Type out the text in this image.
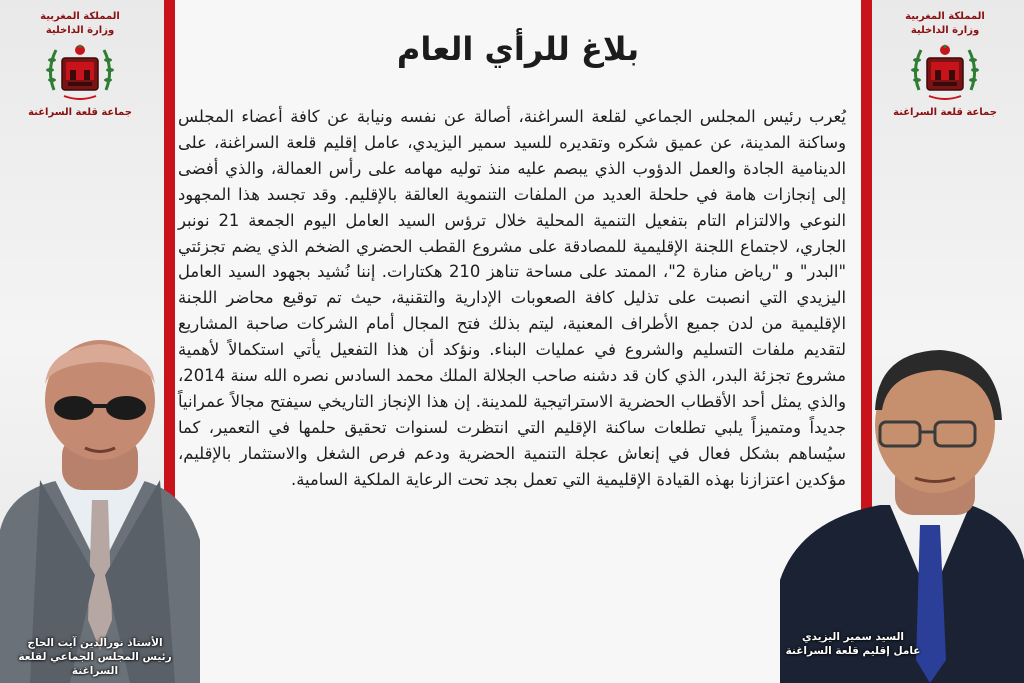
المملكة المغربية
وزارة الداخلية
جماعة قلعة السراغنة
المملكة المغربية
وزارة الداخلية
جماعة قلعة السراغنة
بلاغ للرأي العام
يُعرب رئيس المجلس الجماعي لقلعة السراغنة، أصالة عن نفسه ونيابة عن كافة أعضاء المجلس وساكنة المدينة، عن عميق شكره وتقديره للسيد سمير اليزيدي، عامل إقليم قلعة السراغنة، على الدينامية الجادة والعمل الدؤوب الذي يبصم عليه منذ توليه مهامه على رأس العمالة، والذي أفضى إلى إنجازات هامة في حلحلة العديد من الملفات التنموية العالقة بالإقليم. وقد تجسد هذا المجهود النوعي والالتزام التام بتفعيل التنمية المحلية خلال ترؤس السيد العامل اليوم الجمعة 21 نونبر الجاري، لاجتماع اللجنة الإقليمية للمصادقة على مشروع القطب الحضري الضخم الذي يضم تجزئتي "البدر" و "رياض منارة 2"، الممتد على مساحة تناهز 210 هكتارات. إننا نُشيد بجهود السيد العامل اليزيدي التي انصبت على تذليل كافة الصعوبات الإدارية والتقنية، حيث تم توقيع محاضر اللجنة الإقليمية من لدن جميع الأطراف المعنية، ليتم بذلك فتح المجال أمام الشركات صاحبة المشاريع لتقديم ملفات التسليم والشروع في عمليات البناء. ونؤكد أن هذا التفعيل يأتي استكمالاً لأهمية مشروع تجزئة البدر، الذي كان قد دشنه صاحب الجلالة الملك محمد السادس نصره الله سنة 2014، والذي يمثل أحد الأقطاب الحضرية الاستراتيجية للمدينة. إن هذا الإنجاز التاريخي سيفتح مجالاً عمرانياً جديداً ومتميزاً يلبي تطلعات ساكنة الإقليم التي انتظرت لسنوات تحقيق حلمها في التعمير، كما سيُساهم بشكل فعال في إنعاش عجلة التنمية الحضرية ودعم فرص الشغل والاستثمار بالإقليم، مؤكدين اعتزازنا بهذه القيادة الإقليمية التي تعمل بجد تحت الرعاية الملكية السامية.
الأستاذ نورالدين آيت الحاج
رئيس المجلس الجماعي لقلعة السراغنة
السيد سمير اليزيدي
عامل إقليم قلعة السراغنة
